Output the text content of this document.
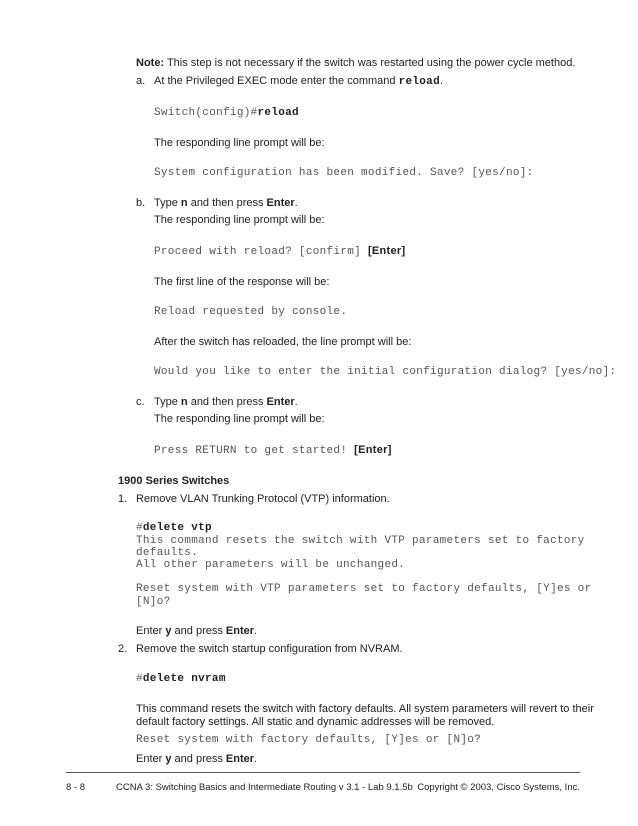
Note: This step is not necessary if the switch was restarted using the power cycle method.
a. At the Privileged EXEC mode enter the command reload.
Switch(config)#reload
The responding line prompt will be:
System configuration has been modified. Save? [yes/no]:
b. Type n and then press Enter.
The responding line prompt will be:
Proceed with reload? [confirm] [Enter]
The first line of the response will be:
Reload requested by console.
After the switch has reloaded, the line prompt will be:
Would you like to enter the initial configuration dialog? [yes/no]:
c. Type n and then press Enter.
The responding line prompt will be:
Press RETURN to get started! [Enter]
1900 Series Switches
1. Remove VLAN Trunking Protocol (VTP) information.
#delete vtp
This command resets the switch with VTP parameters set to factory
defaults.
All other parameters will be unchanged.
Reset system with VTP parameters set to factory defaults, [Y]es or
[N]o?
Enter y and press Enter.
2. Remove the switch startup configuration from NVRAM.
#delete nvram
This command resets the switch with factory defaults. All system parameters will revert to their
default factory settings. All static and dynamic addresses will be removed.
Reset system with factory defaults, [Y]es or [N]o?
Enter y and press Enter.
8 - 8	CCNA 3: Switching Basics and Intermediate Routing v 3.1 - Lab 9.1.5b Copyright © 2003, Cisco Systems, Inc.
